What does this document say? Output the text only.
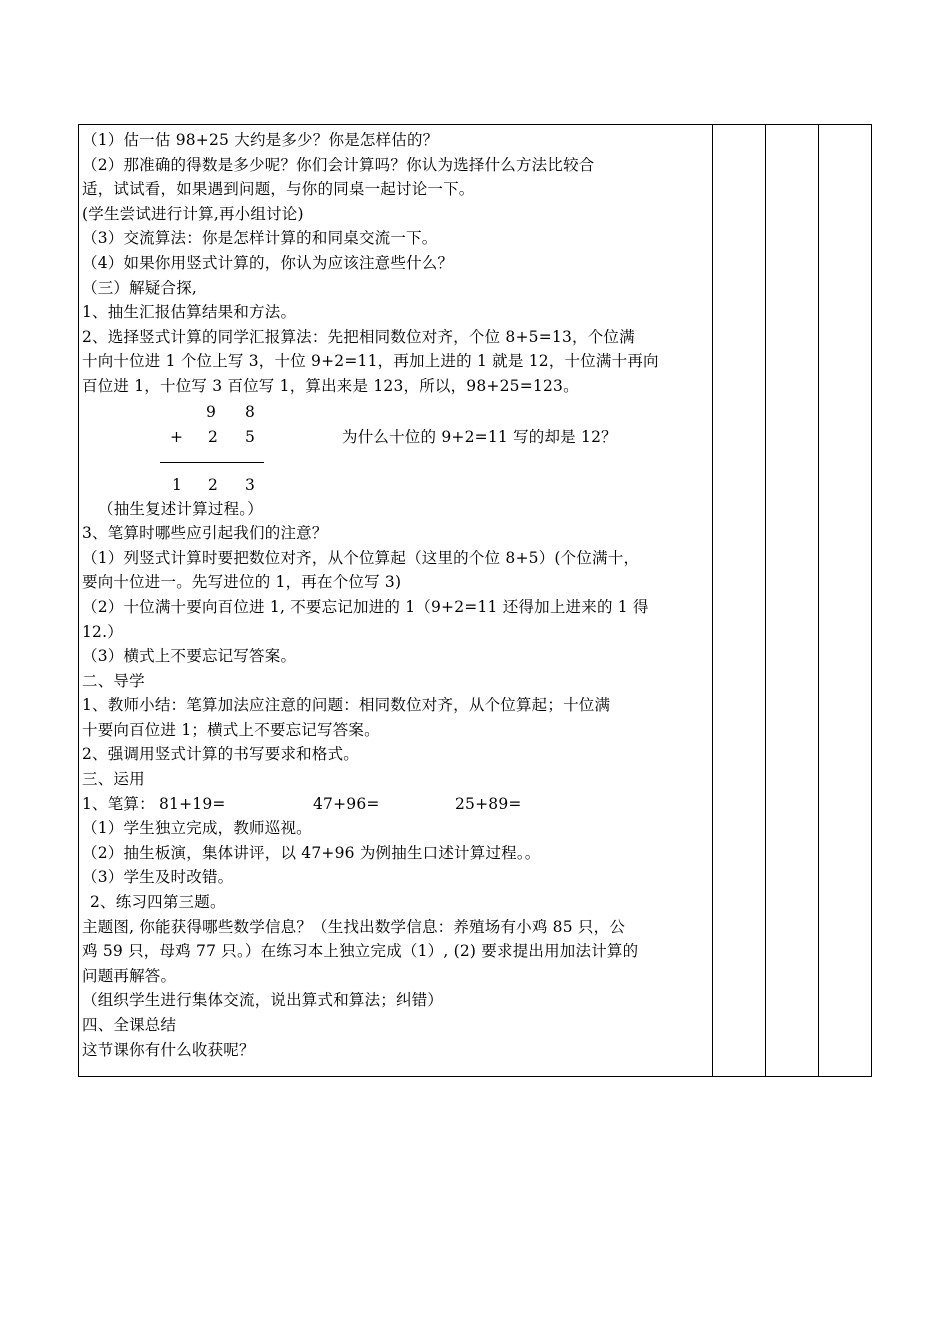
（1）估一估 98+25 大约是多少？你是怎样估的？
（2）那准确的得数是多少呢？你们会计算吗？你认为选择什么方法比较合
适，试试看，如果遇到问题，与你的同桌一起讨论一下。
(学生尝试进行计算,再小组讨论)
（3）交流算法：你是怎样计算的和同桌交流一下。
（4）如果你用竖式计算的，你认为应该注意些什么？
（三）解疑合探,
1、抽生汇报估算结果和方法。
2、选择竖式计算的同学汇报算法：先把相同数位对齐，个位 8+5=13，个位满
十向十位进 1 个位上写 3，十位 9+2=11，再加上进的 1 就是 12，十位满十再向
百位进 1，十位写 3 百位写 1，算出来是 123，所以，98+25=123。
9 8
+ 2 5	为什么十位的 9+2=11 写的却是 12？
1 2 3
（抽生复述计算过程。）
3、笔算时哪些应引起我们的注意？
（1）列竖式计算时要把数位对齐，从个位算起（这里的个位 8+5）(个位满十，
要向十位进一。先写进位的 1，再在个位写 3)
（2）十位满十要向百位进 1, 不要忘记加进的 1（9+2=11 还得加上进来的 1 得
12.）
（3）横式上不要忘记写答案。
二、导学
1、教师小结：笔算加法应注意的问题：相同数位对齐，从个位算起；十位满
十要向百位进 1；横式上不要忘记写答案。
2、强调用竖式计算的书写要求和格式。
三、运用
1、笔算： 81+19=	47+96=	25+89=
（1）学生独立完成，教师巡视。
（2）抽生板演，集体讲评，以 47+96 为例抽生口述计算过程。。
（3）学生及时改错。
2、练习四第三题。
主题图, 你能获得哪些数学信息？（生找出数学信息：养殖场有小鸡 85 只，公
鸡 59 只，母鸡 77 只。）在练习本上独立完成（1）, (2) 要求提出用加法计算的
问题再解答。
（组织学生进行集体交流，说出算式和算法；纠错）
四、全课总结
这节课你有什么收获呢？
